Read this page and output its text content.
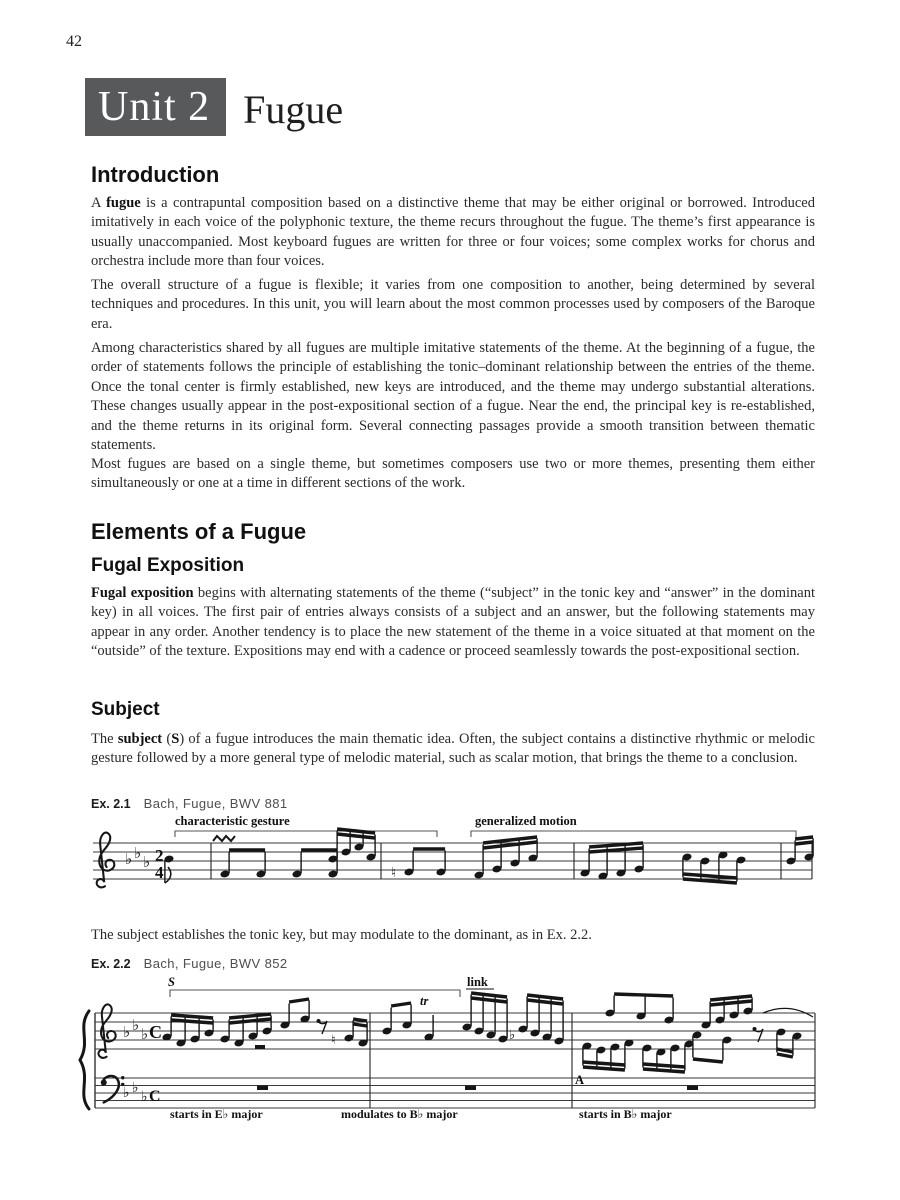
42
Unit 2 Fugue
Introduction

A fugue is a contrapuntal composition based on a distinctive theme that may be either original or borrowed. Introduced imitatively in each voice of the polyphonic texture, the theme recurs throughout the fugue. The theme’s first appearance is usually unaccompanied. Most keyboard fugues are written for three or four voices; some complex works for chorus and orchestra include more than four voices.

The overall structure of a fugue is flexible; it varies from one composition to another, being determined by several techniques and procedures. In this unit, you will learn about the most common processes used by composers of the Baroque era.

Among characteristics shared by all fugues are multiple imitative statements of the theme. At the beginning of a fugue, the order of statements follows the principle of establishing the tonic–dominant relationship between the entries of the theme. Once the tonal center is firmly established, new keys are introduced, and the theme may undergo substantial alterations. These changes usually appear in the post-expositional section of a fugue. Near the end, the principal key is re-established, and the theme returns in its original form. Several connecting passages provide a smooth transition between thematic statements.

Most fugues are based on a single theme, but sometimes composers use two or more themes, presenting them either simultaneously or one at a time in different sections of the work.

Elements of a Fugue
Fugal Exposition

Fugal exposition begins with alternating statements of the theme (“subject” in the tonic key and “answer” in the dominant key) in all voices. The first pair of entries always consists of a subject and an answer, but the following statements may appear in any order. Another tendency is to place the new statement of the theme in a voice situated at that moment on the “outside” of the texture. Expositions may end with a cadence or proceed seamlessly towards the post-expositional section.

Subject

The subject (S) of a fugue introduces the main thematic idea. Often, the subject contains a distinctive rhythmic or melodic gesture followed by a more general type of melodic material, such as scalar motion, that brings the theme to a conclusion.

Ex. 2.1 Bach, Fugue, BWV 881
characteristic gesture	generalized motion
♭ ♭ ♭ 2
4	♮

The subject establishes the tonic key, but may modulate to the dominant, as in Ex. 2.2.

Ex. 2.2 Bach, Fugue, BWV 852
S	link
tr
♭ ♭ ♭
♭ ♭
♭
C
C
♮	♭
A
starts in E♭ major	modulates to B♭ major	starts in B♭ major
